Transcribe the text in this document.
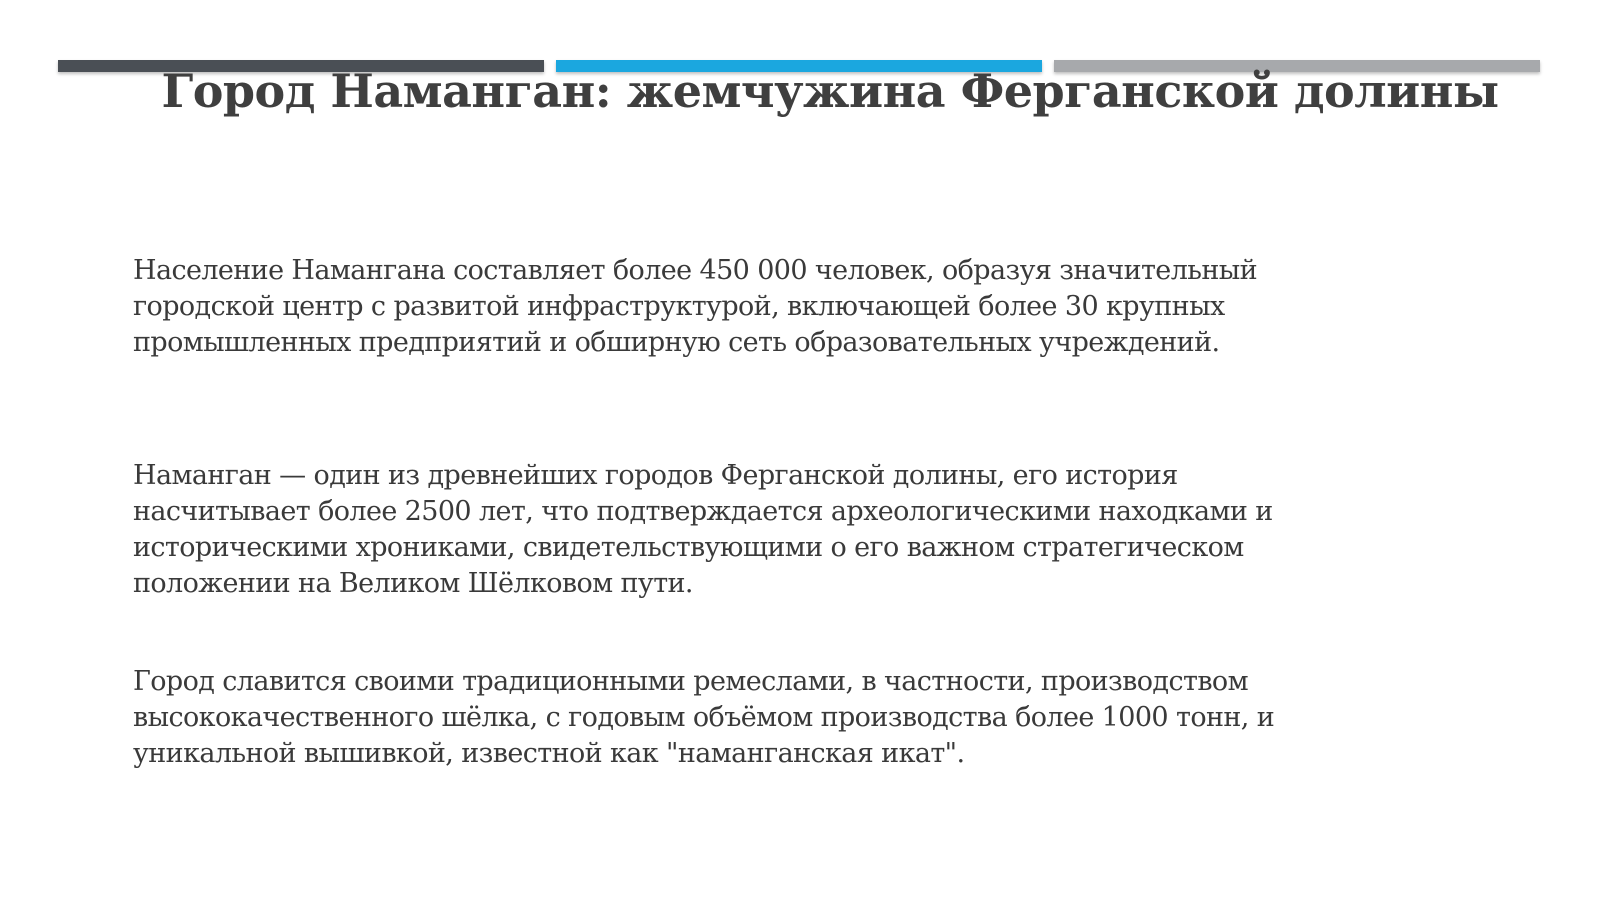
Город Наманган: жемчужина Ферганской долины
Население Наманган​а составляет более 450 000 человек, образуя значительный
городской центр с развитой инфраструктурой, включающей более 30 крупных
промышленных предприятий и обширную сеть образовательных учреждений.
Наманган — один из древнейших городов Ферганской долины, его история
насчитывает более 2500 лет, что подтверждается археологическими находками и
историческими хрониками, свидетельствующими о его важном стратегическом
положении на Великом Шёлковом пути.
Город славится своими традиционными ремеслами, в частности, производством
высококачественного шёлка, с годовым объёмом производства более 1000 тонн, и
уникальной вышивкой, известной как "наманганская икат".
